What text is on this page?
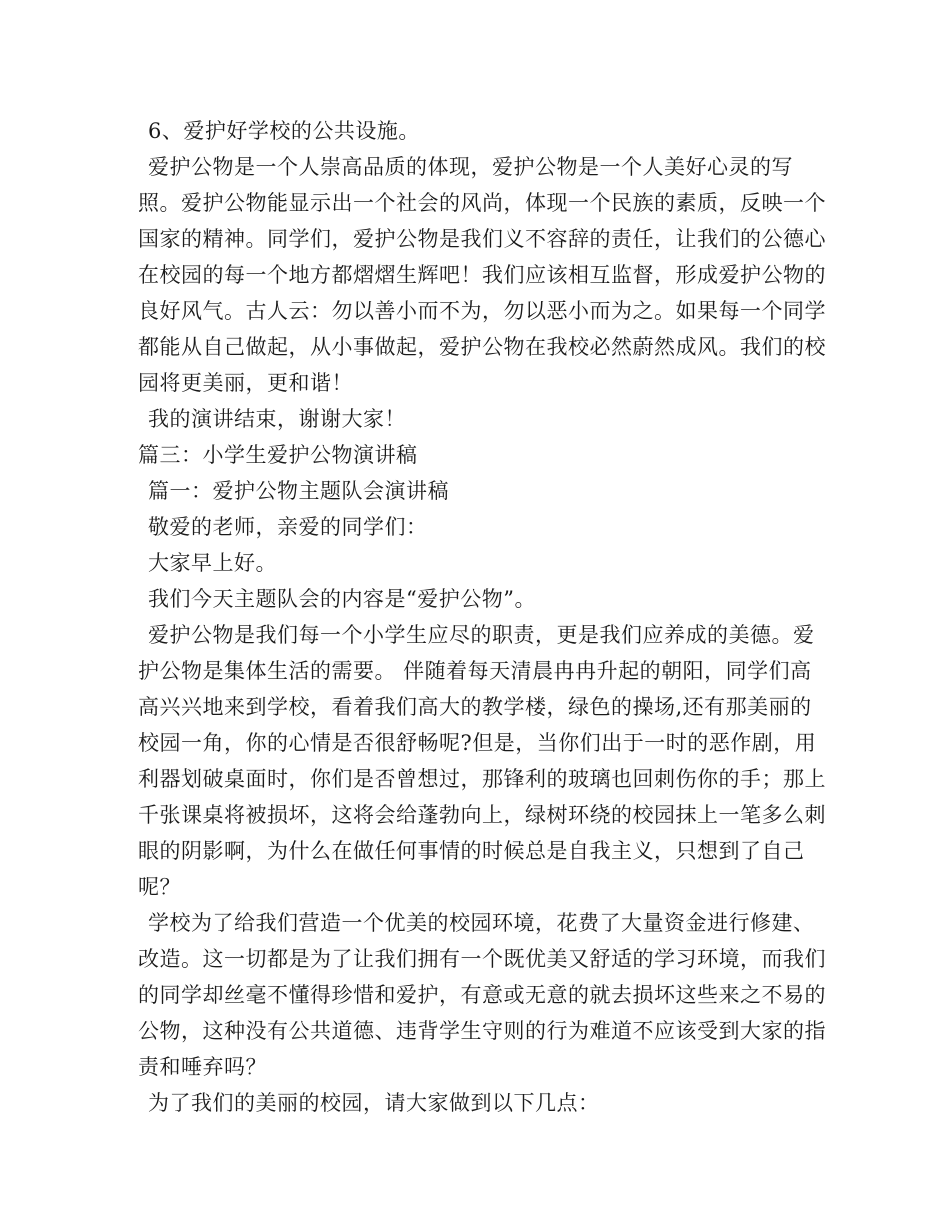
6、爱护好学校的公共设施。

爱护公物是一个人崇高品质的体现，爱护公物是一个人美好心灵的写照。爱护公物能显示出一个社会的风尚，体现一个民族的素质，反映一个国家的精神。同学们，爱护公物是我们义不容辞的责任，让我们的公德心在校园的每一个地方都熠熠生辉吧！我们应该相互监督，形成爱护公物的良好风气。古人云：勿以善小而不为，勿以恶小而为之。如果每一个同学都能从自己做起，从小事做起，爱护公物在我校必然蔚然成风。我们的校园将更美丽，更和谐！

我的演讲结束，谢谢大家！

篇三：小学生爱护公物演讲稿

篇一：爱护公物主题队会演讲稿

敬爱的老师，亲爱的同学们：

大家早上好。

我们今天主题队会的内容是“爱护公物”。

爱护公物是我们每一个小学生应尽的职责，更是我们应养成的美德。爱护公物是集体生活的需要。 伴随着每天清晨冉冉升起的朝阳，同学们高高兴兴地来到学校，看着我们高大的教学楼，绿色的操场,还有那美丽的校园一角，你的心情是否很舒畅呢?但是，当你们出于一时的恶作剧，用利器划破桌面时，你们是否曾想过，那锋利的玻璃也回刺伤你的手；那上千张课桌将被损坏，这将会给蓬勃向上，绿树环绕的校园抹上一笔多么刺眼的阴影啊，为什么在做任何事情的时候总是自我主义，只想到了自己呢？

学校为了给我们营造一个优美的校园环境，花费了大量资金进行修建、改造。这一切都是为了让我们拥有一个既优美又舒适的学习环境，而我们的同学却丝毫不懂得珍惜和爱护，有意或无意的就去损坏这些来之不易的公物，这种没有公共道德、违背学生守则的行为难道不应该受到大家的指责和唾弃吗？

为了我们的美丽的校园，请大家做到以下几点：
